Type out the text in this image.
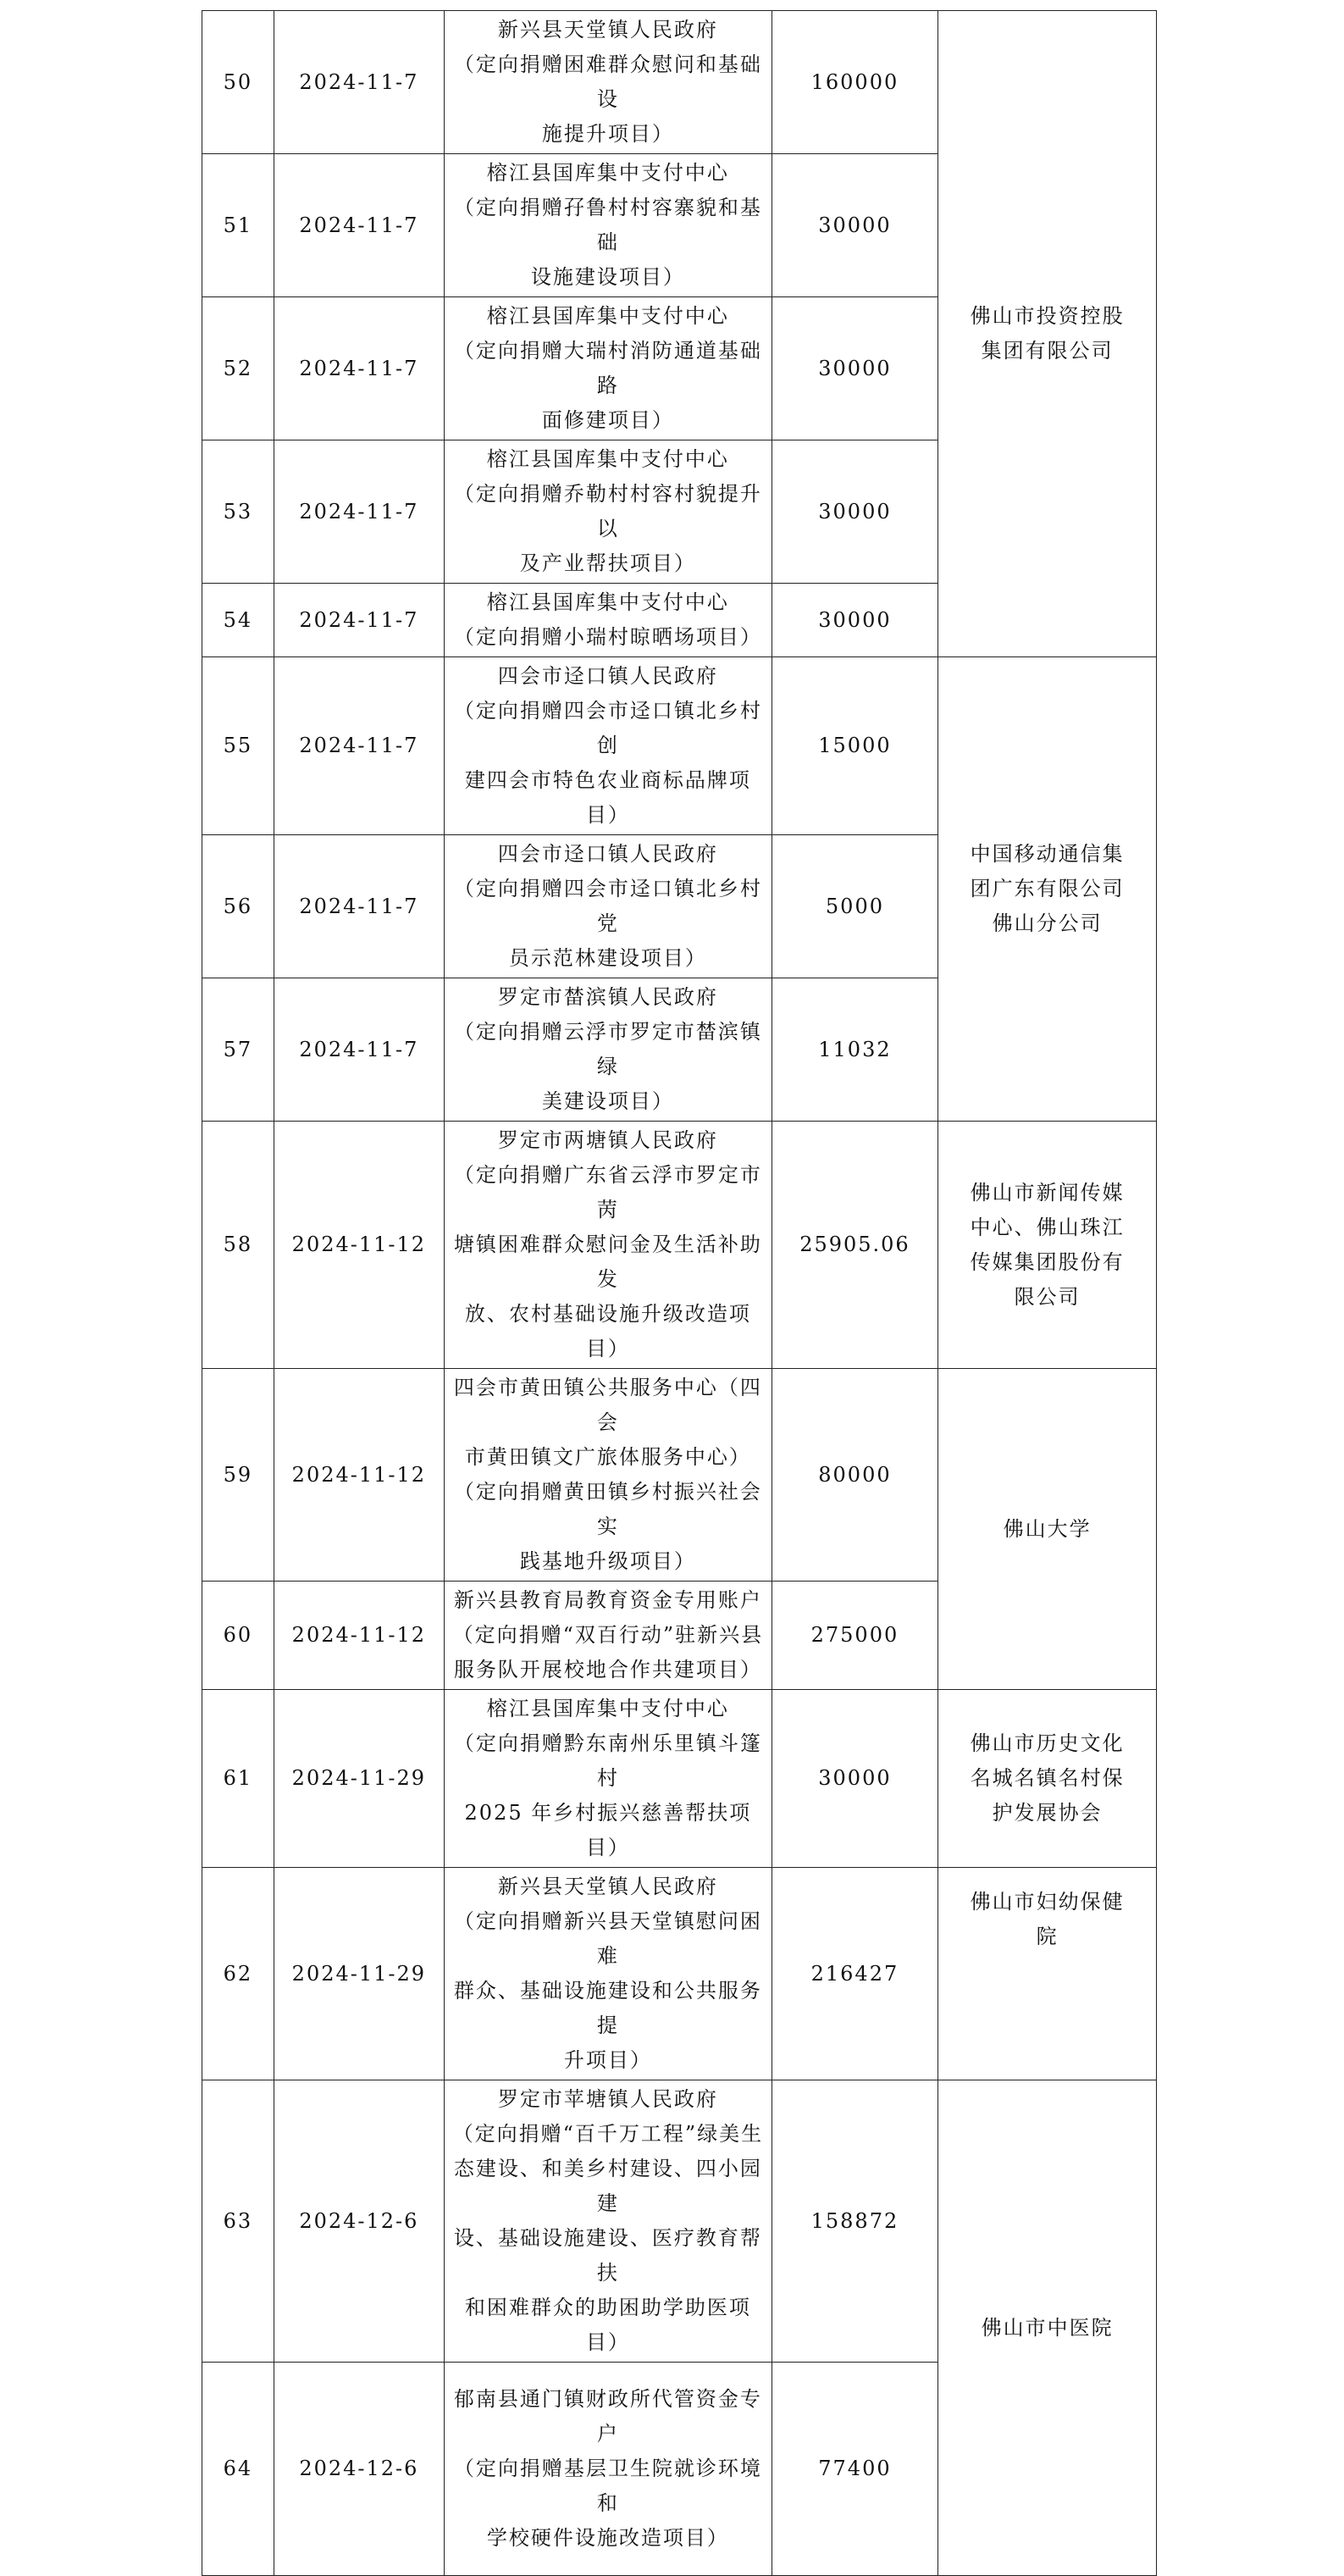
50	2024-11-7	新兴县天堂镇人民政府
（定向捐赠困难群众慰问和基础设
施提升项目）	160000	佛山市投资控股
集团有限公司

51	2024-11-7	榕江县国库集中支付中心
（定向捐赠孖鲁村村容寨貌和基础
设施建设项目）	30000	
52	2024-11-7	榕江县国库集中支付中心
（定向捐赠大瑞村消防通道基础路
面修建项目）	30000	
53	2024-11-7	榕江县国库集中支付中心
（定向捐赠乔勒村村容村貌提升以
及产业帮扶项目）	30000	
54	2024-11-7	榕江县国库集中支付中心
（定向捐赠小瑞村晾晒场项目）	30000	
55	2024-11-7	四会市迳口镇人民政府
（定向捐赠四会市迳口镇北乡村创
建四会市特色农业商标品牌项目）	15000	中国移动通信集
团广东有限公司
佛山分公司

56	2024-11-7	四会市迳口镇人民政府
（定向捐赠四会市迳口镇北乡村党
员示范林建设项目）	5000	
57	2024-11-7	罗定市榃滨镇人民政府
（定向捐赠云浮市罗定市榃滨镇绿
美建设项目）	11032	
58	2024-11-12	罗定市两塘镇人民政府
（定向捐赠广东省云浮市罗定市苪
塘镇困难群众慰问金及生活补助发
放、农村基础设施升级改造项目）	25905.06	佛山市新闻传媒
中心、佛山珠江
传媒集团股份有
限公司

59	2024-11-12	四会市黄田镇公共服务中心（四会
市黄田镇文广旅体服务中心）
（定向捐赠黄田镇乡村振兴社会实
践基地升级项目）	80000	佛山大学

60	2024-11-12	新兴县教育局教育资金专用账户
（定向捐赠“双百行动”驻新兴县
服务队开展校地合作共建项目）	275000	
61	2024-11-29	榕江县国库集中支付中心
（定向捐赠黔东南州乐里镇斗篷村
2025 年乡村振兴慈善帮扶项目）	30000	佛山市历史文化
名城名镇名村保
护发展协会

62	2024-11-29	新兴县天堂镇人民政府
（定向捐赠新兴县天堂镇慰问困难
群众、基础设施建设和公共服务提
升项目）	216427	佛山市妇幼保健
院

63	2024-12-6	罗定市苹塘镇人民政府
（定向捐赠“百千万工程”绿美生
态建设、和美乡村建设、四小园建
设、基础设施建设、医疗教育帮扶
和困难群众的助困助学助医项目）	158872	佛山市中医院

64	2024-12-6	郁南县通门镇财政所代管资金专户
（定向捐赠基层卫生院就诊环境和
学校硬件设施改造项目）	77400	
